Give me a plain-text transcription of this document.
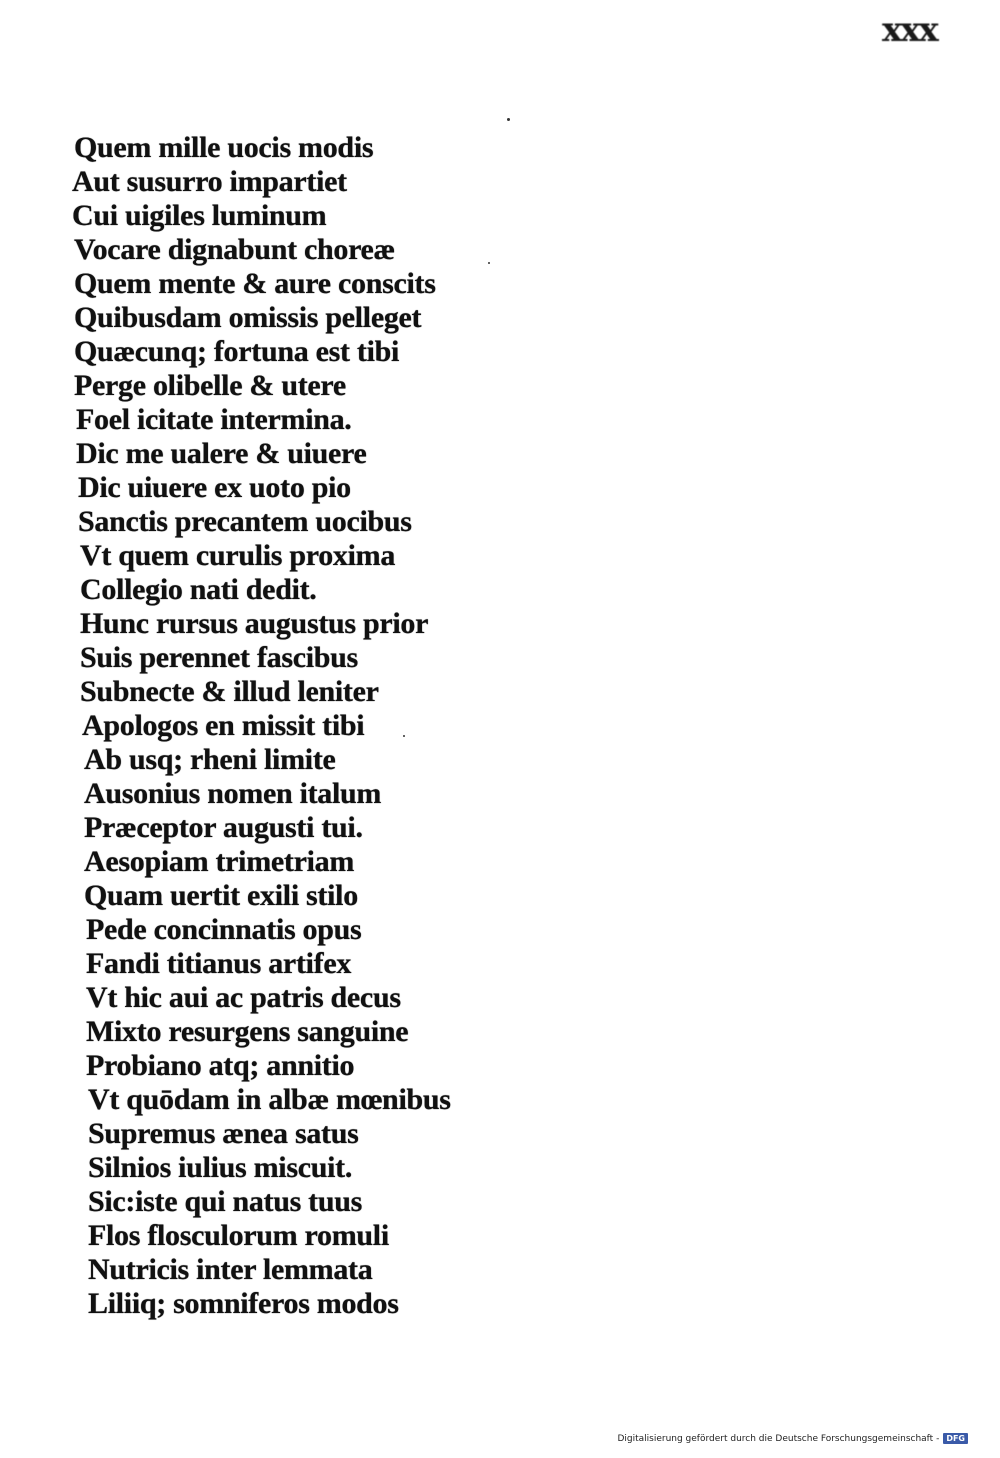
xxx
Quem mille uocis modis
Aut susurro impartiet
Cui uigiles luminum
Vocare dignabunt choreæ
Quem mente & aure conscits
Quibusdam omissis pelleget
Quæcunq; fortuna est tibi
Perge olibelle & utere
Foel icitate intermina.
Dic me ualere & uiuere
Dic uiuere ex uoto pio
Sanctis precantem uocibus
Vt quem curulis proxima
Collegio nati dedit.
Hunc rursus augustus prior
Suis perennet fascibus
Subnecte & illud leniter
Apologos en missit tibi
Ab usq; rheni limite
Ausonius nomen italum
Præceptor augusti tui.
Aesopiam trimetriam
Quam uertit exili stilo
Pede concinnatis opus
Fandi titianus artifex
Vt hic aui ac patris decus
Mixto resurgens sanguine
Probiano atq; annitio
Vt quōdam in albæ mœnibus
Supremus ænea satus
Silnios iulius miscuit.
Sic:iste qui natus tuus
Flos flosculorum romuli
Nutricis inter lemmata
Liliiq; somniferos modos
Digitalisierung gefördert durch die Deutsche Forschungsgemeinschaft - DFG
